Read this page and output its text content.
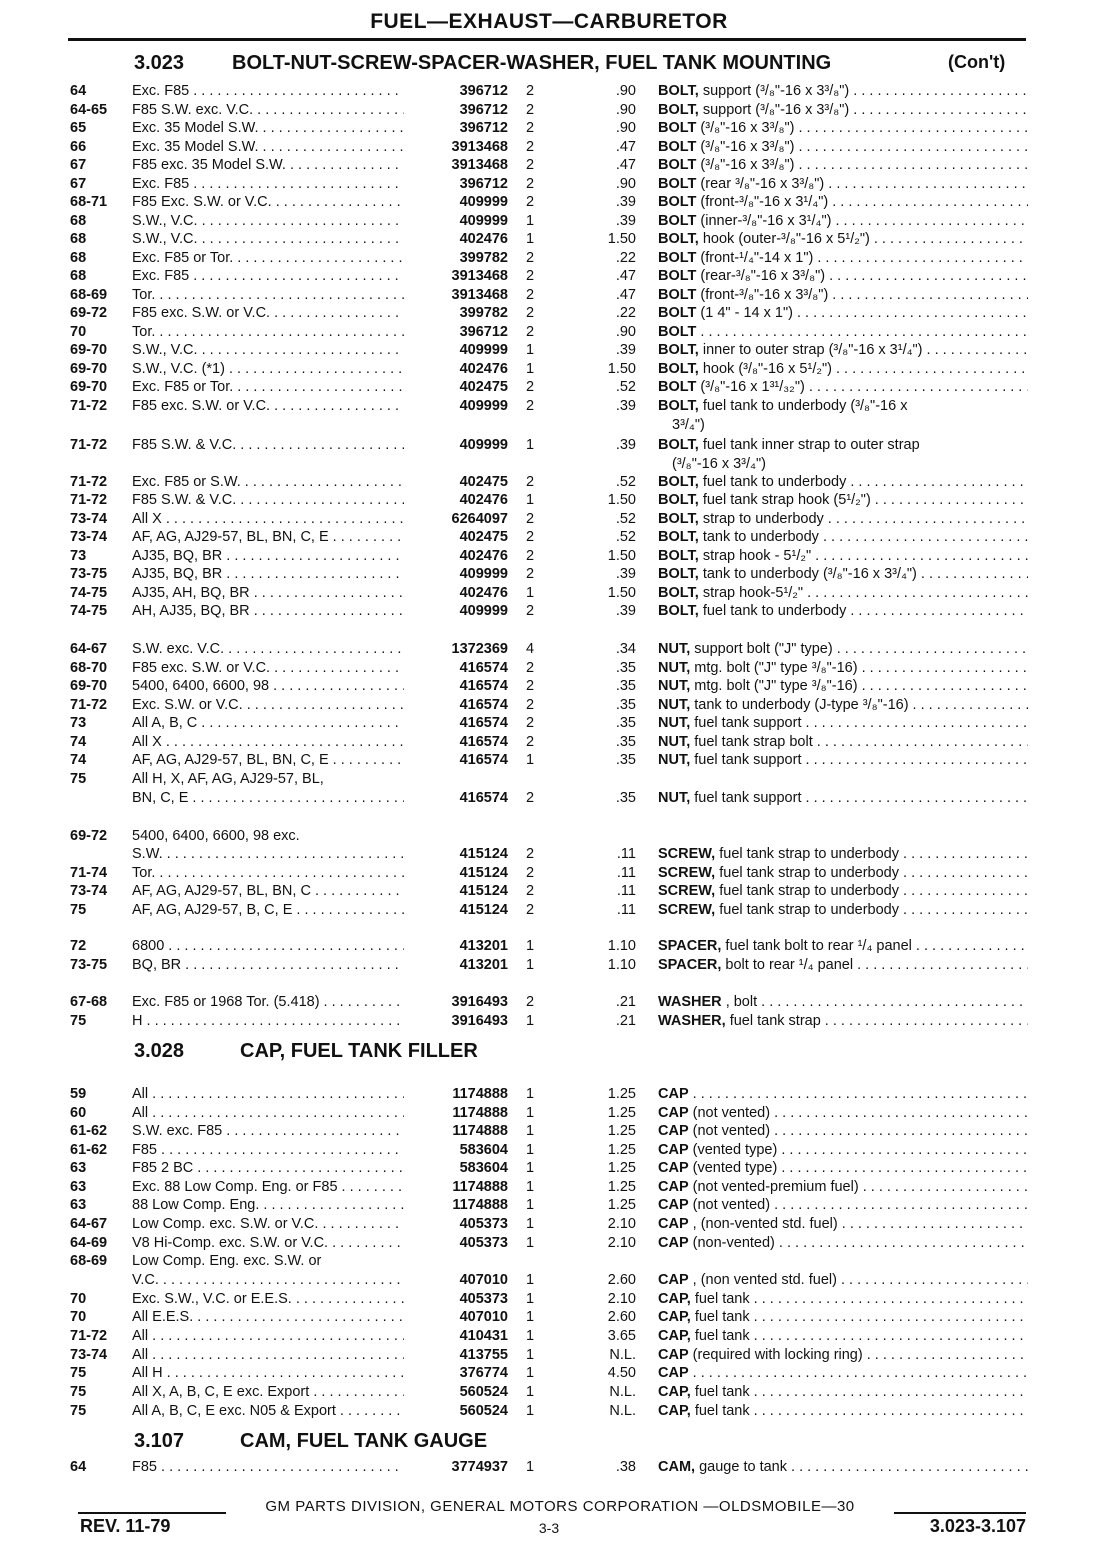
FUEL—EXHAUST—CARBURETOR
3.023 BOLT-NUT-SCREW-SPACER-WASHER, FUEL TANK MOUNTING	(Con't)
3.028	CAP, FUEL TANK FILLER
3.107	CAM, FUEL TANK GAUGE
64	Exc. F85 . . .	396712	2	.90 BOLT, support (³/₈"-16 x 3³/₈") . . .
64-65	F85 S.W. exc. V.C. . . .	396712	2	.90 BOLT, support (³/₈"-16 x 3³/₈") . . .
65	Exc. 35 Model S.W. . . .	396712	2	.90 BOLT (³/₈"-16 x 3³/₈") . . .
66	Exc. 35 Model S.W. . . .	3913468	2	.47 BOLT (³/₈"-16 x 3³/₈") . . .
67	F85 exc. 35 Model S.W. . . .	3913468	2	.47 BOLT (³/₈"-16 x 3³/₈") . . .
67	Exc. F85 . . .	396712	2	.90 BOLT (rear ³/₈"-16 x 3³/₈") . . .
68-71	F85 Exc. S.W. or V.C. . . .	409999	2	.39 BOLT (front-³/₈"-16 x 3¹/₄") . . .
68	S.W., V.C. . . .	409999	1	.39 BOLT (inner-³/₈"-16 x 3¹/₄") . . .
68	S.W., V.C. . . .	402476	1	1.50 BOLT, hook (outer-³/₈"-16 x 5¹/₂") . . .
68	Exc. F85 or Tor. . . .	399782	2	.22 BOLT (front-¹/₄"-14 x 1") . . .
68	Exc. F85 . . .	3913468	2	.47 BOLT (rear-³/₈"-16 x 3³/₈") . . .
68-69	Tor. . . .	3913468	2	.47 BOLT (front-³/₈"-16 x 3³/₈") . . .
69-72	F85 exc. S.W. or V.C. . . .	399782	2	.22 BOLT (1 4" - 14 x 1") . . .
70	Tor. . . .	396712	2	.90 BOLT . . .
69-70	S.W., V.C. . . .	409999	1	.39 BOLT, inner to outer strap (³/₈"-16 x 3¹/₄") . . .
69-70	S.W., V.C. (*1) . . .	402476	1	1.50 BOLT, hook (³/₈"-16 x 5¹/₂") . . .
69-70	Exc. F85 or Tor. . . .	402475	2	.52 BOLT (³/₈"-16 x 1³¹/₃₂") . . .
71-72	F85 exc. S.W. or V.C. . . .	409999	2	.39 BOLT, fuel tank to underbody (³/₈"-16 x
3³/₄")
71-72	F85 S.W. & V.C. . . .	409999	1	.39 BOLT, fuel tank inner strap to outer strap
(³/₈"-16 x 3³/₄")
71-72	Exc. F85 or S.W. . . .	402475	2	.52 BOLT, fuel tank to underbody . . .
71-72	F85 S.W. & V.C. . . .	402476	1	1.50 BOLT, fuel tank strap hook (5¹/₂") . . .
73-74	All X . . .	6264097	2	.52 BOLT, strap to underbody . . .
73-74	AF, AG, AJ29-57, BL, BN, C, E . . .	402475	2	.52 BOLT, tank to underbody . . .
73	AJ35, BQ, BR . . .	402476	2	1.50 BOLT, strap hook - 5¹/₂" . . .
73-75	AJ35, BQ, BR . . .	409999	2	.39 BOLT, tank to underbody (³/₈"-16 x 3³/₄") . . .
74-75	AJ35, AH, BQ, BR . . .	402476	1	1.50 BOLT, strap hook-5¹/₂" . . .
74-75	AH, AJ35, BQ, BR . . .	409999	2	.39 BOLT, fuel tank to underbody . . .
64-67	S.W. exc. V.C. . . .	1372369	4	.34 NUT, support bolt ("J" type) . . .
68-70	F85 exc. S.W. or V.C. . . .	416574	2	.35 NUT, mtg. bolt ("J" type ³/₈"-16) . . .
69-70	5400, 6400, 6600, 98 . . .	416574	2	.35 NUT, mtg. bolt ("J" type ³/₈"-16) . . .
71-72	Exc. S.W. or V.C. . . .	416574	2	.35 NUT, tank to underbody (J-type ³/₈"-16) . . .
73	All A, B, C . . .	416574	2	.35 NUT, fuel tank support . . .
74	All X . . .	416574	2	.35 NUT, fuel tank strap bolt . . .
74	AF, AG, AJ29-57, BL, BN, C, E . . .	416574	1	.35 NUT, fuel tank support . . .
75	All H, X, AF, AG, AJ29-57, BL,
BN, C, E . . .	416574	2	.35 NUT, fuel tank support . . .
69-72	5400, 6400, 6600, 98 exc.
S.W. . . .	415124	2	.11 SCREW, fuel tank strap to underbody . . .
71-74	Tor. . . .	415124	2	.11 SCREW, fuel tank strap to underbody . . .
73-74	AF, AG, AJ29-57, BL, BN, C . . .	415124	2	.11 SCREW, fuel tank strap to underbody . . .
75	AF, AG, AJ29-57, B, C, E . . .	415124	2	.11 SCREW, fuel tank strap to underbody . . .
72	6800 . . .	413201	1	1.10 SPACER, fuel tank bolt to rear ¹/₄ panel . . .
73-75	BQ, BR . . .	413201	1	1.10 SPACER, bolt to rear ¹/₄ panel . . .
67-68	Exc. F85 or 1968 Tor. (5.418) . . .	3916493	2	.21 WASHER , bolt . . .
75	H . . .	3916493	1	.21 WASHER, fuel tank strap . . .
59	All . . .	1174888	1	1.25 CAP . . .
60	All . . .	1174888	1	1.25 CAP (not vented) . . .
61-62	S.W. exc. F85 . . .	1174888	1	1.25 CAP (not vented) . . .
61-62	F85 . . .	583604	1	1.25 CAP (vented type) . . .
63	F85 2 BC . . .	583604	1	1.25 CAP (vented type) . . .
63	Exc. 88 Low Comp. Eng. or F85 . . .	1174888	1	1.25 CAP (not vented-premium fuel) . . .
63	88 Low Comp. Eng. . . .	1174888	1	1.25 CAP (not vented) . . .
64-67	Low Comp. exc. S.W. or V.C. . . .	405373	1	2.10 CAP , (non-vented std. fuel) . . .
64-69	V8 Hi-Comp. exc. S.W. or V.C. . . .	405373	1	2.10 CAP (non-vented) . . .
68-69	Low Comp. Eng. exc. S.W. or
V.C. . . .	407010	1	2.60 CAP , (non vented std. fuel) . . .
70	Exc. S.W., V.C. or E.E.S. . . .	405373	1	2.10 CAP, fuel tank . . .
70	All E.E.S. . . .	407010	1	2.60 CAP, fuel tank . . .
71-72	All . . .	410431	1	3.65 CAP, fuel tank . . .
73-74	All . . .	413755	1	N.L. CAP (required with locking ring) . . .
75	All H . . .	376774	1	4.50 CAP . . .
75	All X, A, B, C, E exc. Export . . .	560524	1	N.L. CAP, fuel tank . . .
75	All A, B, C, E exc. N05 & Export . . .	560524	1	N.L. CAP, fuel tank . . .
64	F85 . . .	3774937	1	.38 CAM, gauge to tank . . .
GM PARTS DIVISION, GENERAL MOTORS CORPORATION —OLDSMOBILE—30
REV. 11-79	3-3	3.023-3.107
